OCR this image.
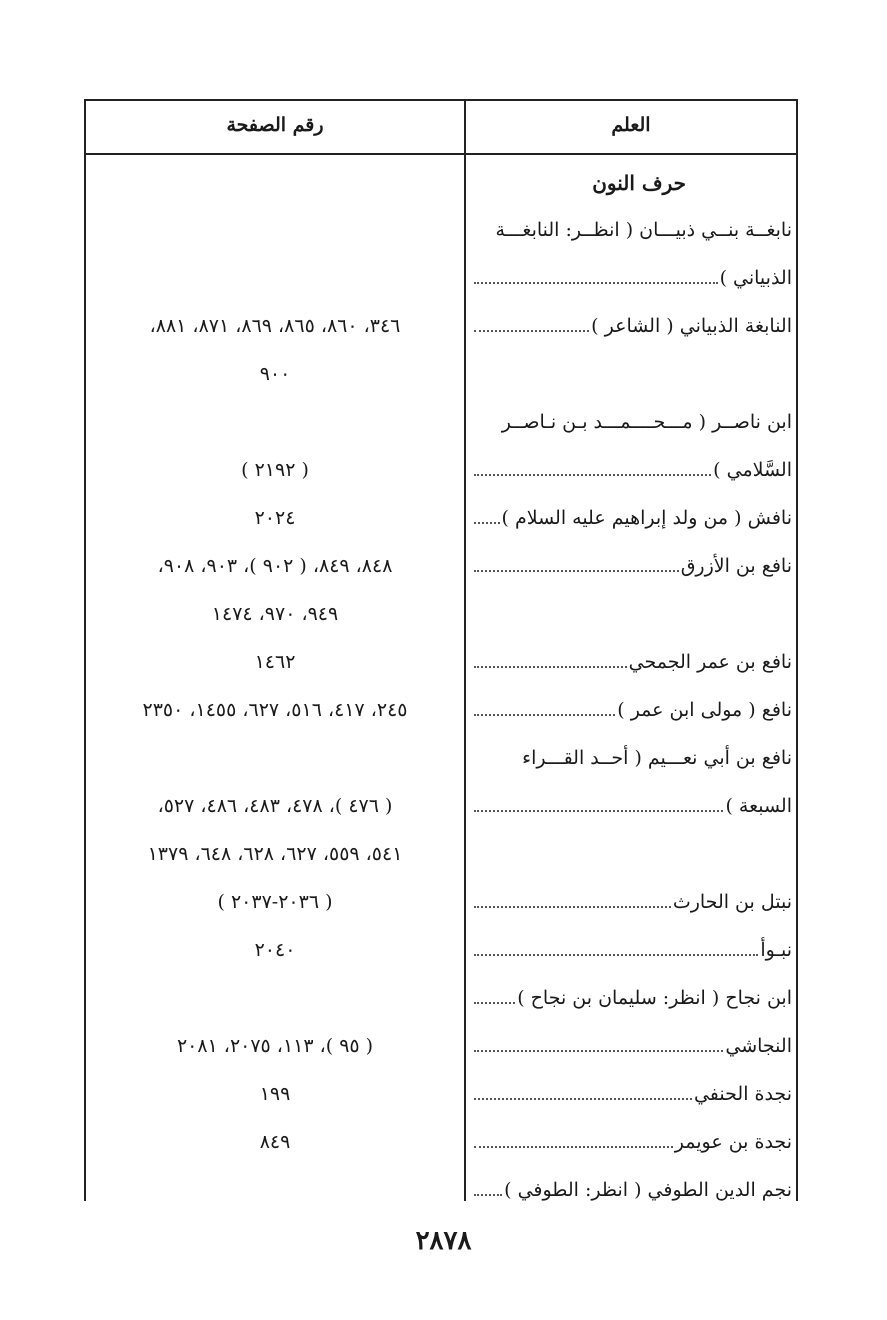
العلم
رقم الصفحة
حرف النون
نابغــة بنــي ذبيـــان ( انظــر: النابغـــة
الذبياني )
النابغة الذبياني ( الشاعر )
٣٤٦، ٨٦٠، ٨٦٥، ٨٦٩، ٨٧١، ٨٨١،
٩٠٠
ابن ناصــر ( مـــحــــمـــد بـن نـاصــر
السَّلامي )
( ٢١٩٢ )
نافش ( من ولد إبراهيم عليه السلام )
٢٠٢٤
نافع بن الأزرق
٨٤٨، ٨٤٩، ( ٩٠٢ )، ٩٠٣، ٩٠٨،
٩٤٩، ٩٧٠، ١٤٧٤
نافع بن عمر الجمحي
١٤٦٢
نافع ( مولى ابن عمر )
٢٤٥، ٤١٧، ٥١٦، ٦٢٧، ١٤٥٥، ٢٣٥٠
نافع بن أبي نعـــيم ( أحــد القـــراء
السبعة )
( ٤٧٦ )، ٤٧٨، ٤٨٣، ٤٨٦، ٥٢٧،
٥٤١، ٥٥٩، ٦٢٧، ٦٢٨، ٦٤٨، ١٣٧٩
نبتل بن الحارث
( ٢٠٣٦-٢٠٣٧ )
نبـوأ
٢٠٤٠
ابن نجاح ( انظر: سليمان بن نجاح )
النجاشي
( ٩٥ )، ١١٣، ٢٠٧٥، ٢٠٨١
نجدة الحنفي
١٩٩
نجدة بن عويمر
٨٤٩
نجم الدين الطوفي ( انظر: الطوفي )
٢٨٧٨
